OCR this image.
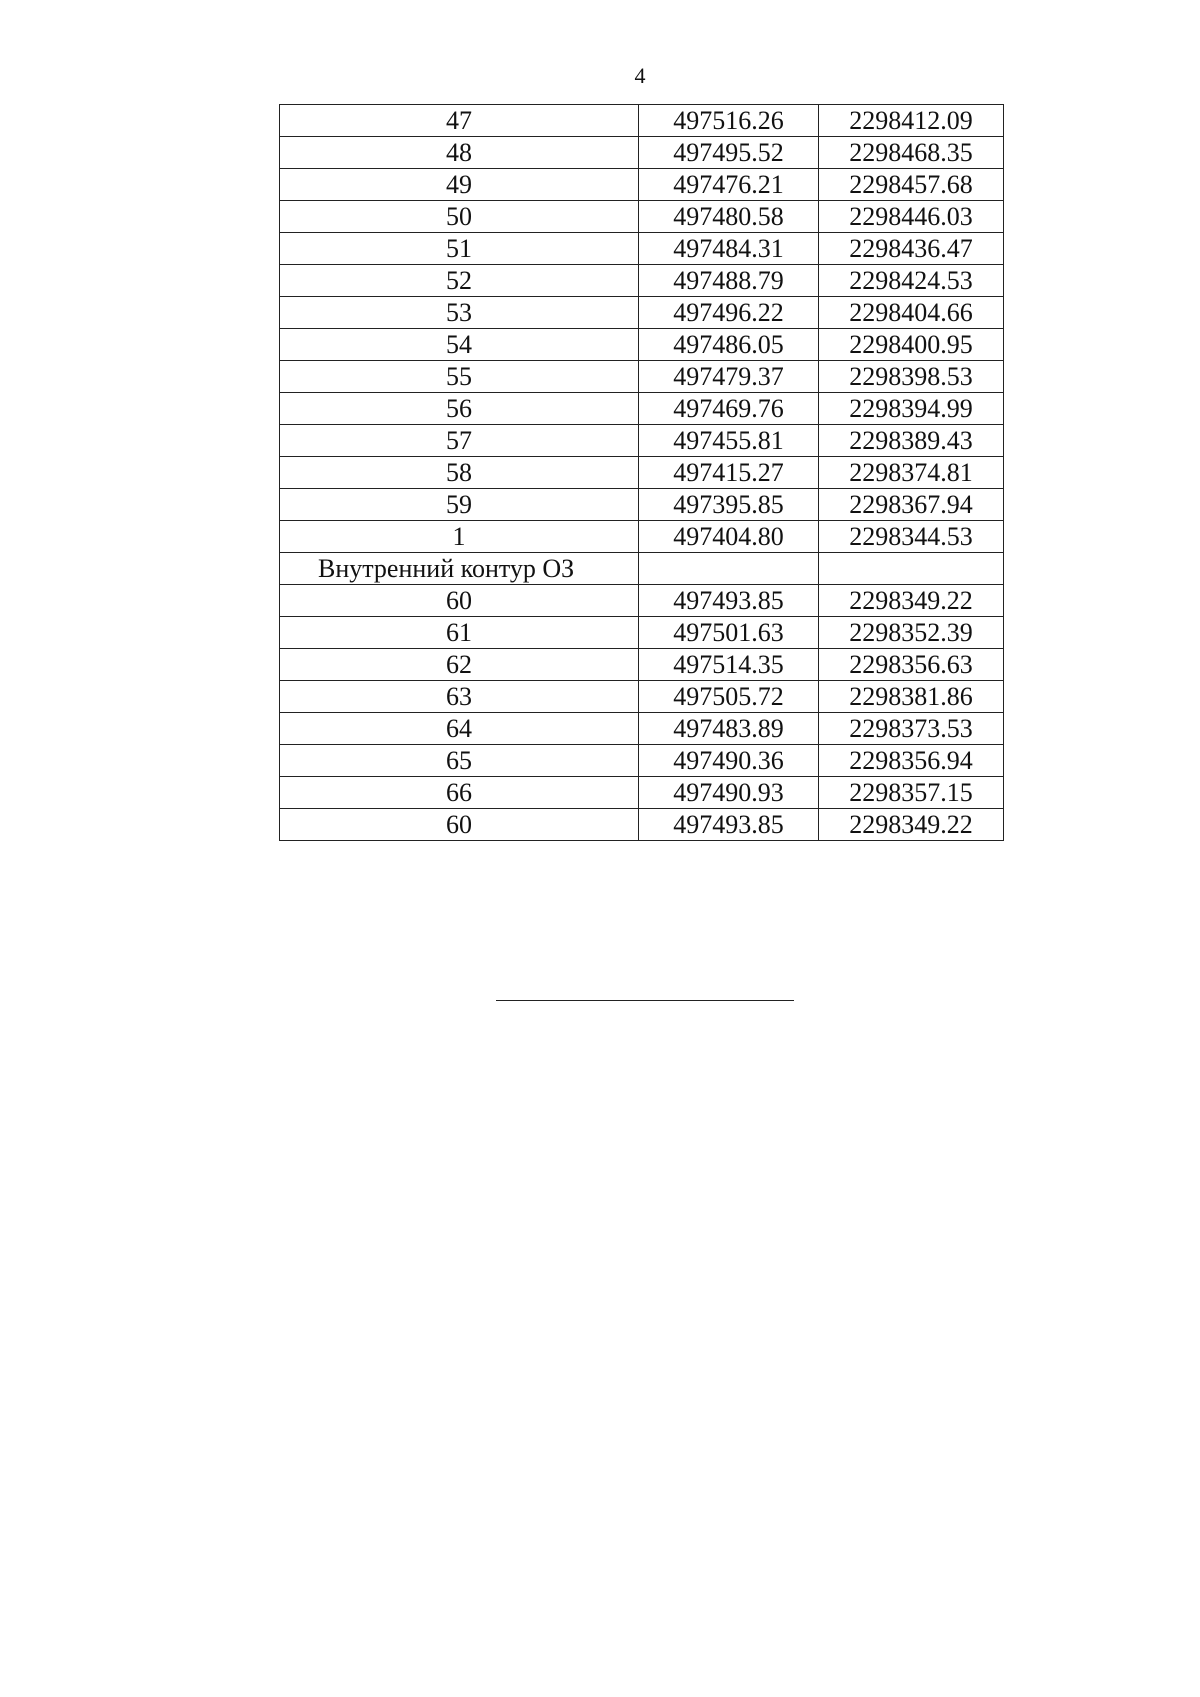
4
47	497516.26	2298412.09
48	497495.52	2298468.35
49	497476.21	2298457.68
50	497480.58	2298446.03
51	497484.31	2298436.47
52	497488.79	2298424.53
53	497496.22	2298404.66
54	497486.05	2298400.95
55	497479.37	2298398.53
56	497469.76	2298394.99
57	497455.81	2298389.43
58	497415.27	2298374.81
59	497395.85	2298367.94
1	497404.80	2298344.53
Внутренний контур ОЗ		
60	497493.85	2298349.22
61	497501.63	2298352.39
62	497514.35	2298356.63
63	497505.72	2298381.86
64	497483.89	2298373.53
65	497490.36	2298356.94
66	497490.93	2298357.15
60	497493.85	2298349.22
